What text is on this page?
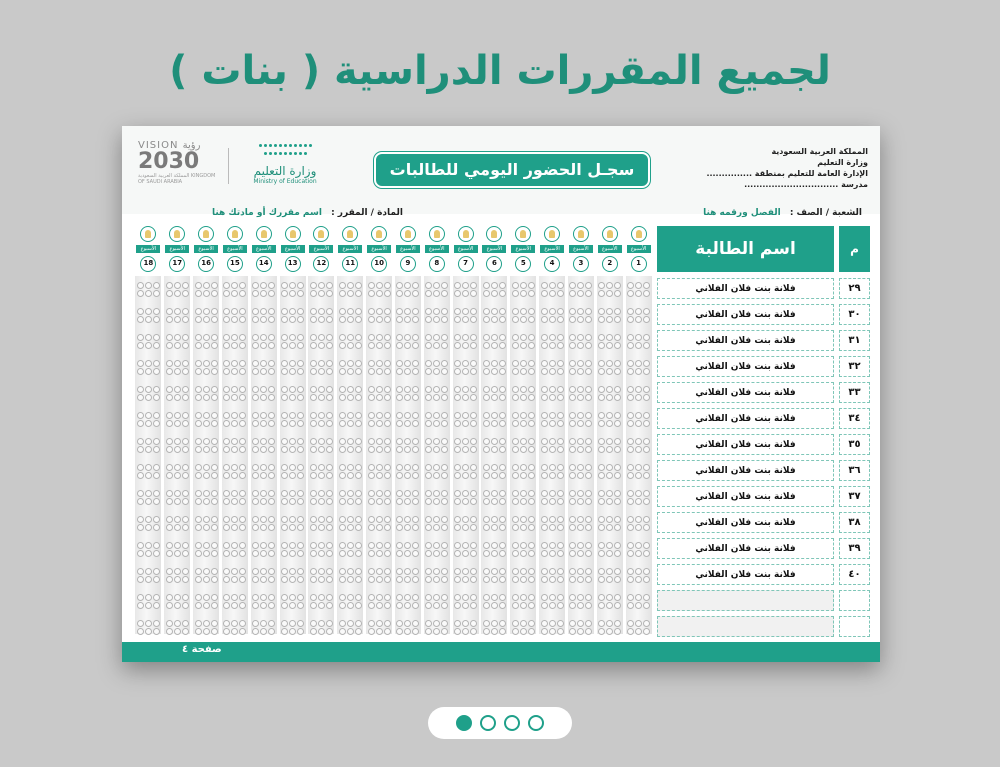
لجميع المقررات الدراسية ( بنات )
VISION رؤية
2030
المملكة العربية السعودية KINGDOM OF SAUDI ARABIA
وزارة التعليم
Ministry of Education
سجـل الحضور اليومي للطالبات
المملكة العربية السعودية
وزارة التعليم
الإدارة العامة للتعليم بمنطقة ...............
مدرسة ...............................
الشعبة / الصف : الفصل ورقمه هنا
المادة / المقرر : اسم مقررك أو مادتك هنا
م
اسم الطالبة
٢٩
فلانة بنت فلان الفلاني
٣٠
فلانة بنت فلان الفلاني
٣١
فلانة بنت فلان الفلاني
٣٢
فلانة بنت فلان الفلاني
٣٣
فلانة بنت فلان الفلاني
٣٤
فلانة بنت فلان الفلاني
٣٥
فلانة بنت فلان الفلاني
٣٦
فلانة بنت فلان الفلاني
٣٧
فلانة بنت فلان الفلاني
٣٨
فلانة بنت فلان الفلاني
٣٩
فلانة بنت فلان الفلاني
٤٠
فلانة بنت فلان الفلاني
الأسبوع
1
الأسبوع
2
الأسبوع
3
الأسبوع
4
الأسبوع
5
الأسبوع
6
الأسبوع
7
الأسبوع
8
الأسبوع
9
الأسبوع
10
الأسبوع
11
الأسبوع
12
الأسبوع
13
الأسبوع
14
الأسبوع
15
الأسبوع
16
الأسبوع
17
الأسبوع
18
صفحة ٤
